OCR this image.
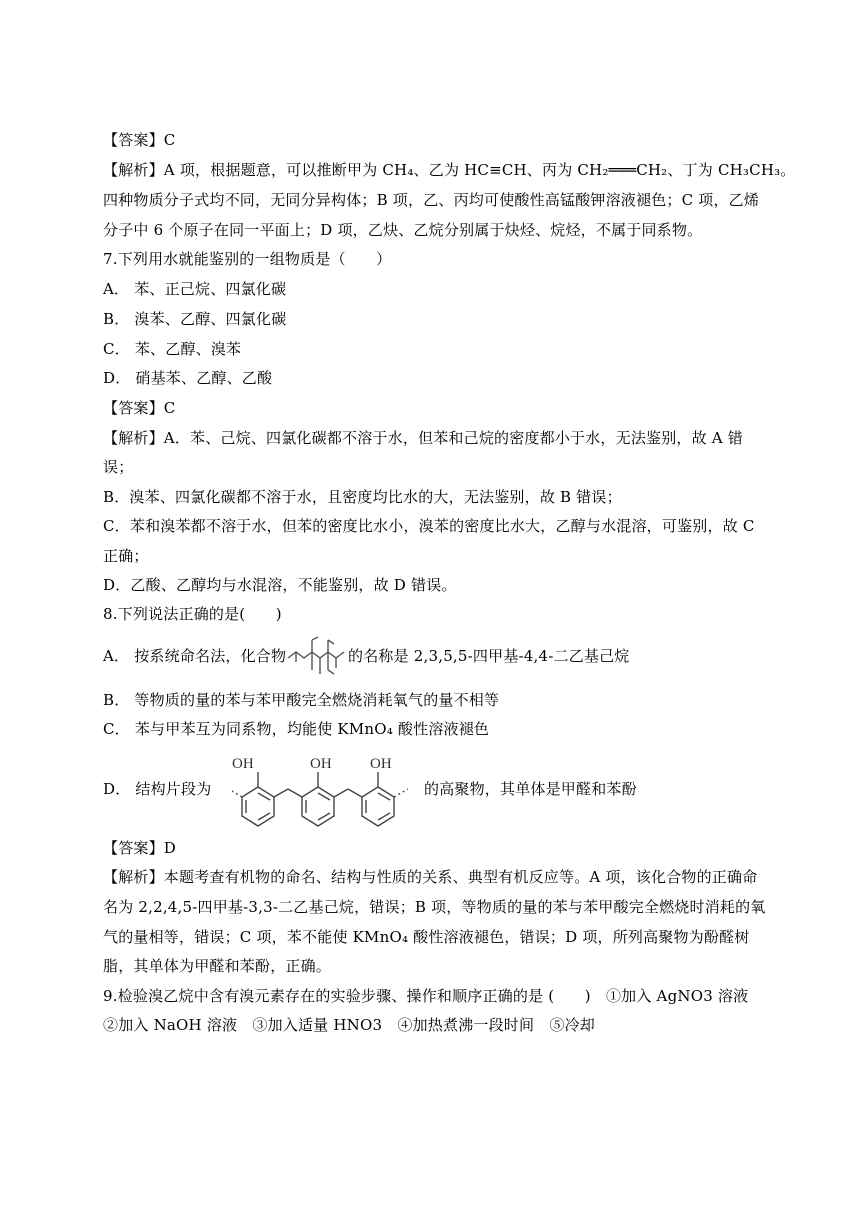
【答案】C
【解析】A 项，根据题意，可以推断甲为 CH₄、乙为 HC≡CH、丙为 CH₂═══CH₂、丁为 CH₃CH₃。
四种物质分子式均不同，无同分异构体；B 项，乙、丙均可使酸性高锰酸钾溶液褪色；C 项，乙烯
分子中 6 个原子在同一平面上；D 项，乙炔、乙烷分别属于炔烃、烷烃，不属于同系物。
7.下列用水就能鉴别的一组物质是（　　）
A． 苯、正己烷、四氯化碳
B． 溴苯、乙醇、四氯化碳
C． 苯、乙醇、溴苯
D． 硝基苯、乙醇、乙酸
【答案】C
【解析】A．苯、己烷、四氯化碳都不溶于水，但苯和己烷的密度都小于水，无法鉴别，故 A 错
误；
B．溴苯、四氯化碳都不溶于水，且密度均比水的大，无法鉴别，故 B 错误；
C．苯和溴苯都不溶于水，但苯的密度比水小，溴苯的密度比水大，乙醇与水混溶，可鉴别，故 C
正确；
D．乙酸、乙醇均与水混溶，不能鉴别，故 D 错误。
8.下列说法正确的是(　　)
A． 按系统命名法，化合物	的名称是 2,3,5,5-四甲基-4,4-二乙基己烷
B． 等物质的量的苯与苯甲酸完全燃烧消耗氧气的量不相等
C． 苯与甲苯互为同系物，均能使 KMnO₄ 酸性溶液褪色
D． 结构片段为
OH	OH	OH
的高聚物，其单体是甲醛和苯酚
【答案】D
【解析】本题考查有机物的命名、结构与性质的关系、典型有机反应等。A 项，该化合物的正确命
名为 2,2,4,5-四甲基-3,3-二乙基己烷，错误；B 项，等物质的量的苯与苯甲酸完全燃烧时消耗的氧
气的量相等，错误；C 项，苯不能使 KMnO₄ 酸性溶液褪色，错误；D 项，所列高聚物为酚醛树
脂，其单体为甲醛和苯酚，正确。
9.检验溴乙烷中含有溴元素存在的实验步骤、操作和顺序正确的是 (　　)　①加入 AgNO3 溶液
②加入 NaOH 溶液　③加入适量 HNO3　④加热煮沸一段时间　⑤冷却
